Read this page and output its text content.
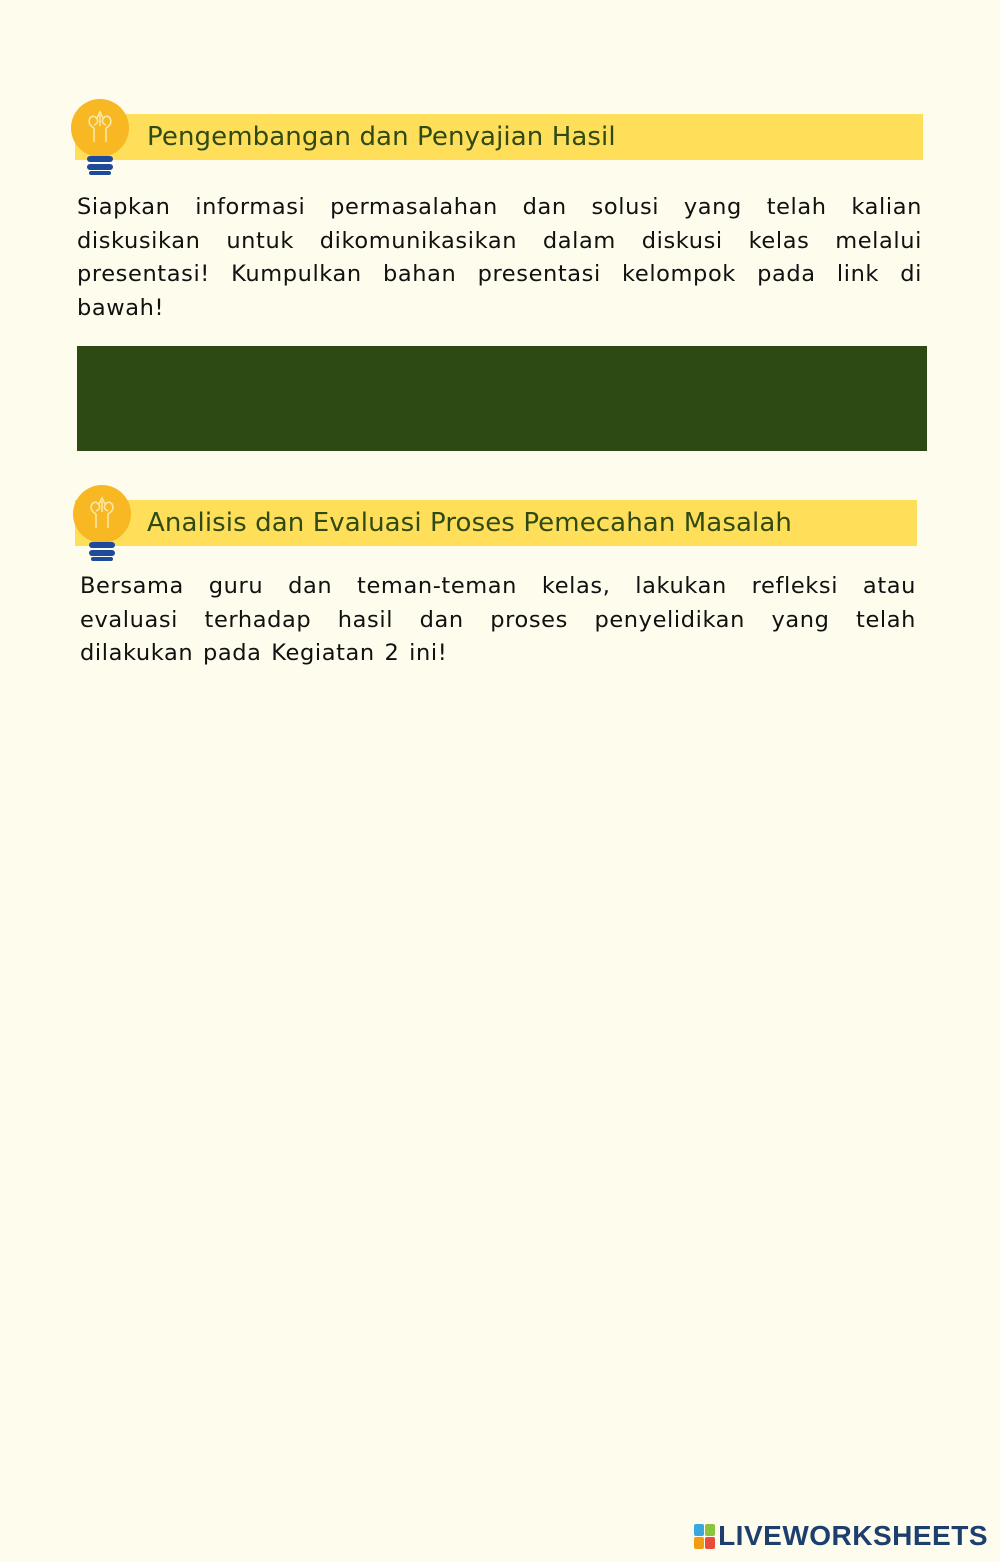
Pengembangan dan Penyajian Hasil

Siapkan informasi permasalahan dan solusi yang telah kalian diskusikan untuk dikomunikasikan dalam diskusi kelas melalui presentasi! Kumpulkan bahan presentasi kelompok pada link di bawah!

Analisis dan Evaluasi Proses Pemecahan Masalah

Bersama guru dan teman-teman kelas, lakukan refleksi atau evaluasi terhadap hasil dan proses penyelidikan yang telah dilakukan pada Kegiatan 2 ini!

LIVEWORKSHEETS
